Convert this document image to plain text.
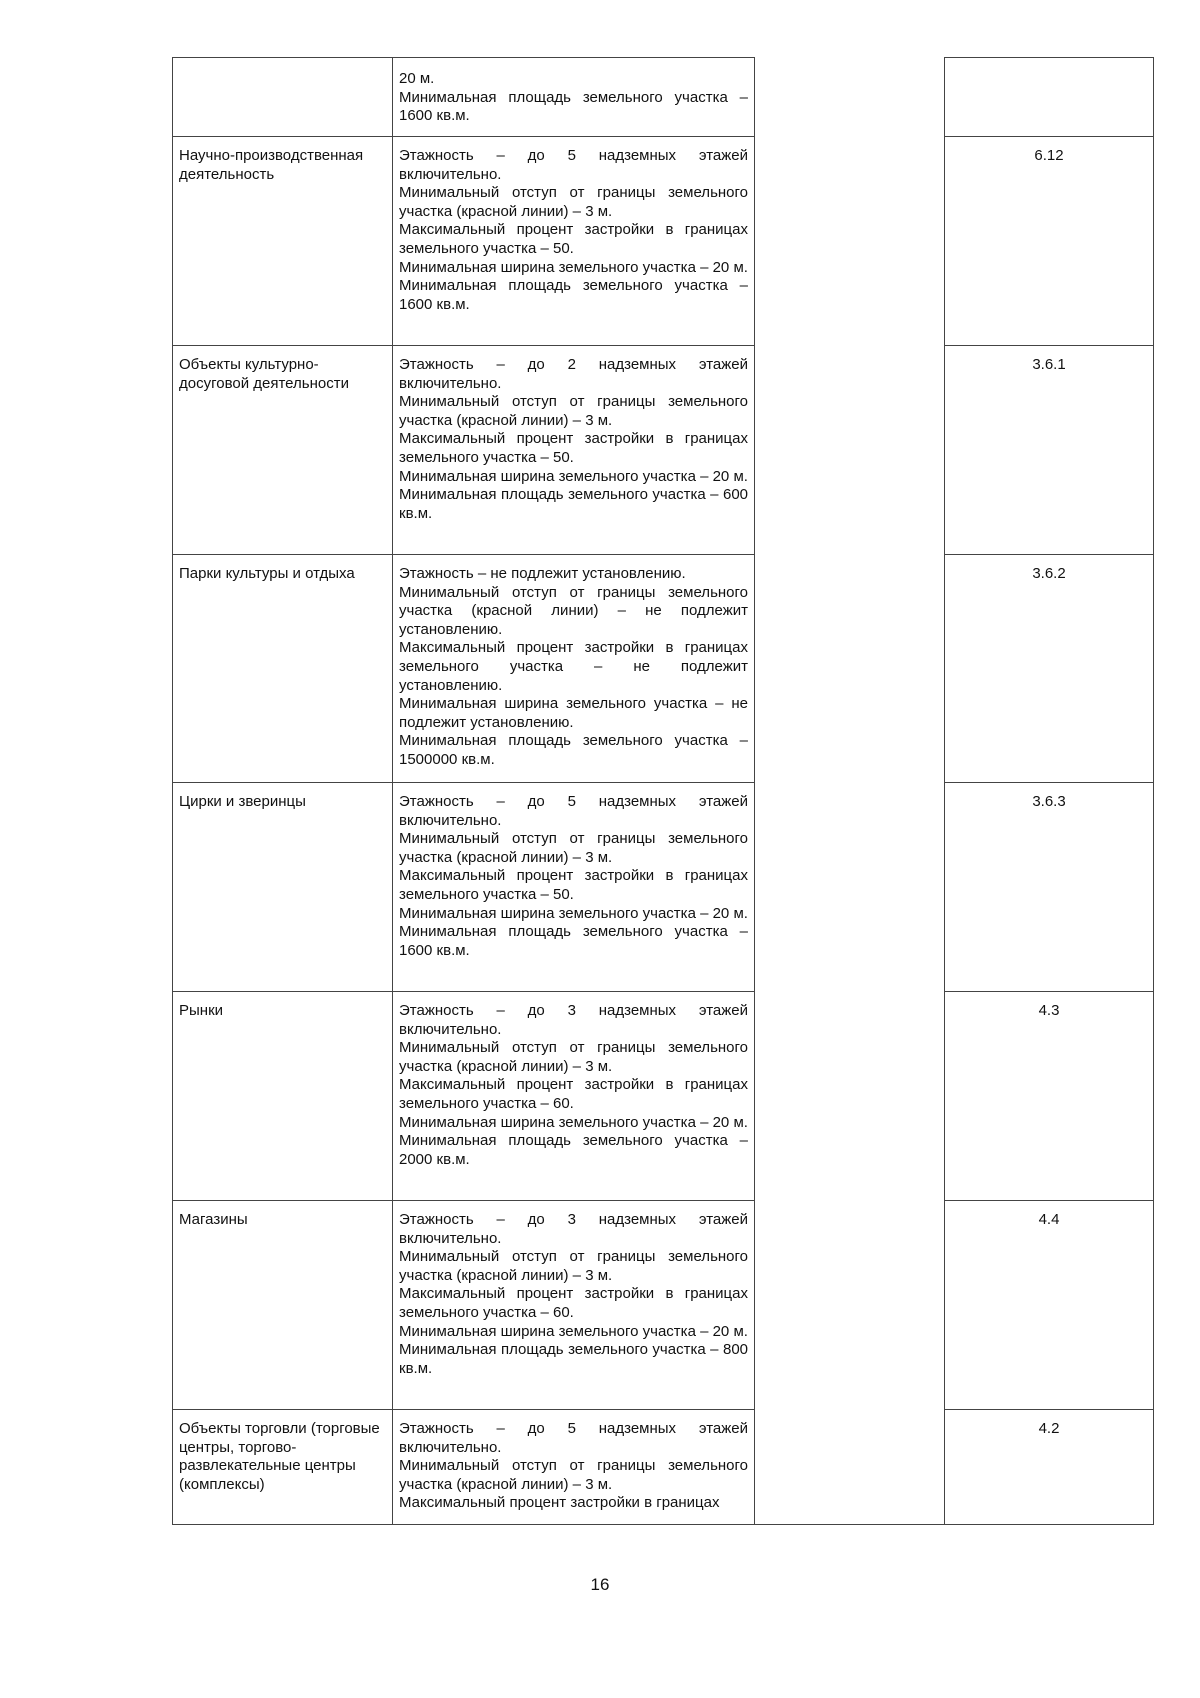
	20 м.
Минимальная площадь земельного участка – 1600 кв.м.		

Научно-производственная деятельность	Этажность – до 5 надземных этажей включительно.
Минимальный отступ от границы земельного участка (красной линии) – 3 м.
Максимальный процент застройки в границах земельного участка – 50.
Минимальная ширина земельного участка – 20 м.
Минимальная площадь земельного участка – 1600 кв.м.		6.12
Объекты культурно-досуговой деятельности	Этажность – до 2 надземных этажей включительно.
Минимальный отступ от границы земельного участка (красной линии) – 3 м.
Максимальный процент застройки в границах земельного участка – 50.
Минимальная ширина земельного участка – 20 м.
Минимальная площадь земельного участка – 600 кв.м.		3.6.1
Парки культуры и отдыха	Этажность – не подлежит установлению.
Минимальный отступ от границы земельного участка (красной линии) – не подлежит установлению.
Максимальный процент застройки в границах земельного участка – не подлежит установлению.
Минимальная ширина земельного участка – не подлежит установлению.
Минимальная площадь земельного участка – 1500000 кв.м.		3.6.2
Цирки и зверинцы	Этажность – до 5 надземных этажей включительно.
Минимальный отступ от границы земельного участка (красной линии) – 3 м.
Максимальный процент застройки в границах земельного участка – 50.
Минимальная ширина земельного участка – 20 м.
Минимальная площадь земельного участка – 1600 кв.м.		3.6.3
Рынки	Этажность – до 3 надземных этажей включительно.
Минимальный отступ от границы земельного участка (красной линии) – 3 м.
Максимальный процент застройки в границах земельного участка – 60.
Минимальная ширина земельного участка – 20 м.
Минимальная площадь земельного участка – 2000 кв.м.		4.3
Магазины	Этажность – до 3 надземных этажей включительно.
Минимальный отступ от границы земельного участка (красной линии) – 3 м.
Максимальный процент застройки в границах земельного участка – 60.
Минимальная ширина земельного участка – 20 м.
Минимальная площадь земельного участка – 800 кв.м.		4.4
Объекты торговли (торговые центры, торгово-развлекательные центры (комплексы)	Этажность – до 5 надземных этажей включительно.
Минимальный отступ от границы земельного участка (красной линии) – 3 м.
Максимальный процент застройки в границах		4.2
16
